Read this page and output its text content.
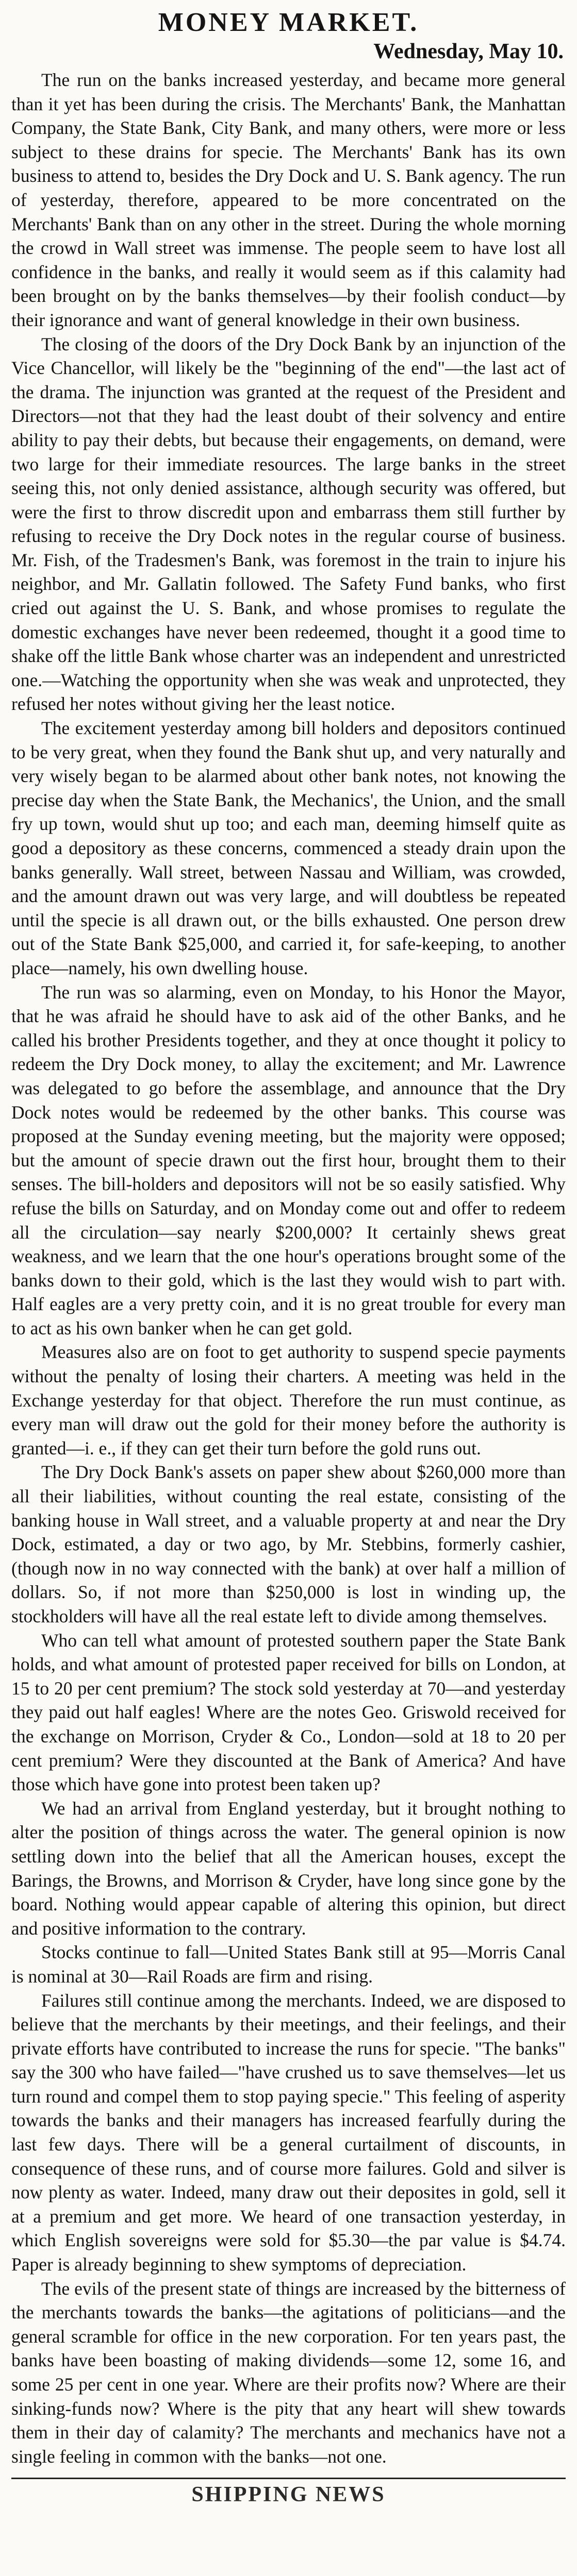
MONEY MARKET.
Wednesday, May 10.

The run on the banks increased yesterday, and became more general than it yet has been during the crisis. The Merchants' Bank, the Manhattan Company, the State Bank, City Bank, and many others, were more or less subject to these drains for specie. The Merchants' Bank has its own business to attend to, besides the Dry Dock and U. S. Bank agency. The run of yesterday, therefore, appeared to be more concentrated on the Merchants' Bank than on any other in the street. During the whole morning the crowd in Wall street was immense. The people seem to have lost all confidence in the banks, and really it would seem as if this calamity had been brought on by the banks themselves—by their foolish conduct—by their ignorance and want of general knowledge in their own business.

The closing of the doors of the Dry Dock Bank by an injunction of the Vice Chancellor, will likely be the "beginning of the end"—the last act of the drama. The injunction was granted at the request of the President and Directors—not that they had the least doubt of their solvency and entire ability to pay their debts, but because their engagements, on demand, were two large for their immediate resources. The large banks in the street seeing this, not only denied assistance, although security was offered, but were the first to throw discredit upon and embarrass them still further by refusing to receive the Dry Dock notes in the regular course of business. Mr. Fish, of the Tradesmen's Bank, was foremost in the train to injure his neighbor, and Mr. Gallatin followed. The Safety Fund banks, who first cried out against the U. S. Bank, and whose promises to regulate the domestic exchanges have never been redeemed, thought it a good time to shake off the little Bank whose charter was an independent and unrestricted one.—Watching the opportunity when she was weak and unprotected, they refused her notes without giving her the least notice.

The excitement yesterday among bill holders and depositors continued to be very great, when they found the Bank shut up, and very naturally and very wisely began to be alarmed about other bank notes, not knowing the precise day when the State Bank, the Mechanics', the Union, and the small fry up town, would shut up too; and each man, deeming himself quite as good a depository as these concerns, commenced a steady drain upon the banks generally. Wall street, between Nassau and William, was crowded, and the amount drawn out was very large, and will doubtless be repeated until the specie is all drawn out, or the bills exhausted. One person drew out of the State Bank $25,000, and carried it, for safe-keeping, to another place—namely, his own dwelling house.

The run was so alarming, even on Monday, to his Honor the Mayor, that he was afraid he should have to ask aid of the other Banks, and he called his brother Presidents together, and they at once thought it policy to redeem the Dry Dock money, to allay the excitement; and Mr. Lawrence was delegated to go before the assemblage, and announce that the Dry Dock notes would be redeemed by the other banks. This course was proposed at the Sunday evening meeting, but the majority were opposed; but the amount of specie drawn out the first hour, brought them to their senses. The bill-holders and depositors will not be so easily satisfied. Why refuse the bills on Saturday, and on Monday come out and offer to redeem all the circulation—say nearly $200,000? It certainly shews great weakness, and we learn that the one hour's operations brought some of the banks down to their gold, which is the last they would wish to part with. Half eagles are a very pretty coin, and it is no great trouble for every man to act as his own banker when he can get gold.

Measures also are on foot to get authority to suspend specie payments without the penalty of losing their charters. A meeting was held in the Exchange yesterday for that object. Therefore the run must continue, as every man will draw out the gold for their money before the authority is granted—i. e., if they can get their turn before the gold runs out.

The Dry Dock Bank's assets on paper shew about $260,000 more than all their liabilities, without counting the real estate, consisting of the banking house in Wall street, and a valuable property at and near the Dry Dock, estimated, a day or two ago, by Mr. Stebbins, formerly cashier, (though now in no way connected with the bank) at over half a million of dollars. So, if not more than $250,000 is lost in winding up, the stockholders will have all the real estate left to divide among themselves.

Who can tell what amount of protested southern paper the State Bank holds, and what amount of protested paper received for bills on London, at 15 to 20 per cent premium? The stock sold yesterday at 70—and yesterday they paid out half eagles! Where are the notes Geo. Griswold received for the exchange on Morrison, Cryder & Co., London—sold at 18 to 20 per cent premium? Were they discounted at the Bank of America? And have those which have gone into protest been taken up?

We had an arrival from England yesterday, but it brought nothing to alter the position of things across the water. The general opinion is now settling down into the belief that all the American houses, except the Barings, the Browns, and Morrison & Cryder, have long since gone by the board. Nothing would appear capable of altering this opinion, but direct and positive information to the contrary.

Stocks continue to fall—United States Bank still at 95—Morris Canal is nominal at 30—Rail Roads are firm and rising.

Failures still continue among the merchants. Indeed, we are disposed to believe that the merchants by their meetings, and their feelings, and their private efforts have contributed to increase the runs for specie. "The banks" say the 300 who have failed—"have crushed us to save themselves—let us turn round and compel them to stop paying specie." This feeling of asperity towards the banks and their managers has increased fearfully during the last few days. There will be a general curtailment of discounts, in consequence of these runs, and of course more failures. Gold and silver is now plenty as water. Indeed, many draw out their deposites in gold, sell it at a premium and get more. We heard of one transaction yesterday, in which English sovereigns were sold for $5.30—the par value is $4.74. Paper is already beginning to shew symptoms of depreciation.

The evils of the present state of things are increased by the bitterness of the merchants towards the banks—the agitations of politicians—and the general scramble for office in the new corporation. For ten years past, the banks have been boasting of making dividends—some 12, some 16, and some 25 per cent in one year. Where are their profits now? Where are their sinking-funds now? Where is the pity that any heart will shew towards them in their day of calamity? The merchants and mechanics have not a single feeling in common with the banks—not one.

SHIPPING NEWS
